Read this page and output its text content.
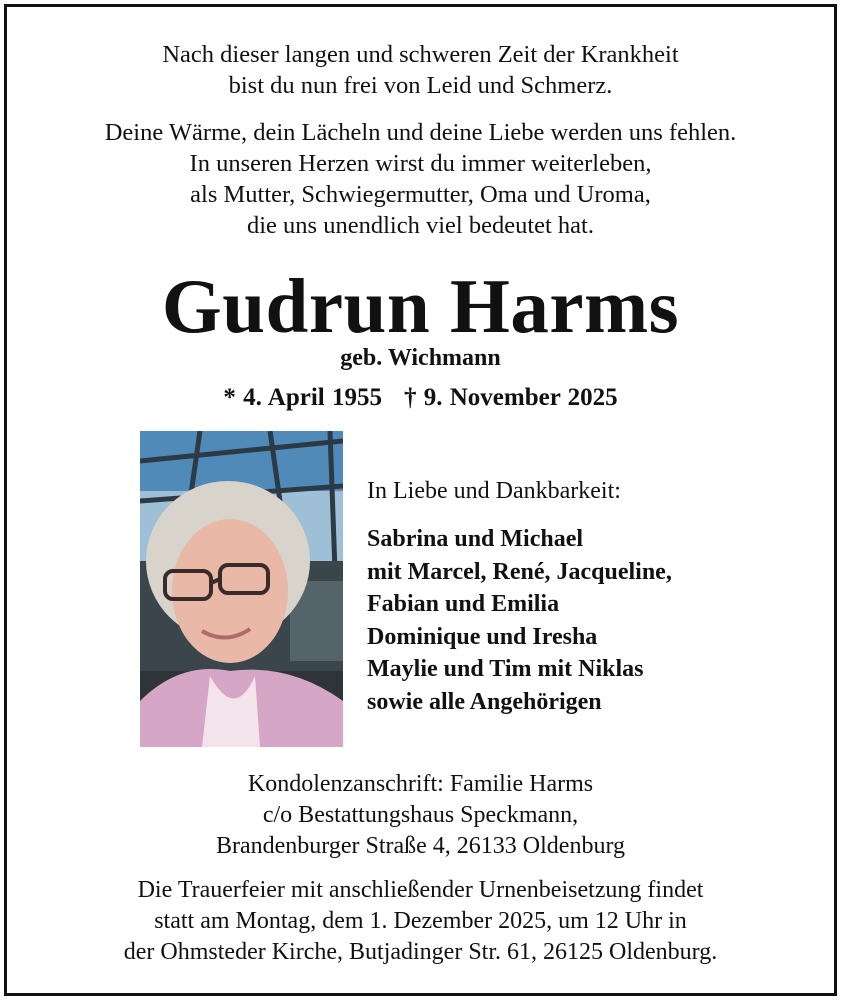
Nach dieser langen und schweren Zeit der Krankheit
bist du nun frei von Leid und Schmerz.
Deine Wärme, dein Lächeln und deine Liebe werden uns fehlen.
In unseren Herzen wirst du immer weiterleben,
als Mutter, Schwiegermutter, Oma und Uroma,
die uns unendlich viel bedeutet hat.
Gudrun Harms
geb. Wichmann
* 4. April 1955 † 9. November 2025
In Liebe und Dankbarkeit:
Sabrina und Michael
mit Marcel, René, Jacqueline,
Fabian und Emilia
Dominique und Iresha
Maylie und Tim mit Niklas
sowie alle Angehörigen
Kondolenzanschrift: Familie Harms
c/o Bestattungshaus Speckmann,
Brandenburger Straße 4, 26133 Oldenburg
Die Trauerfeier mit anschließender Urnenbeisetzung findet
statt am Montag, dem 1. Dezember 2025, um 12 Uhr in
der Ohmsteder Kirche, Butjadinger Str. 61, 26125 Oldenburg.
